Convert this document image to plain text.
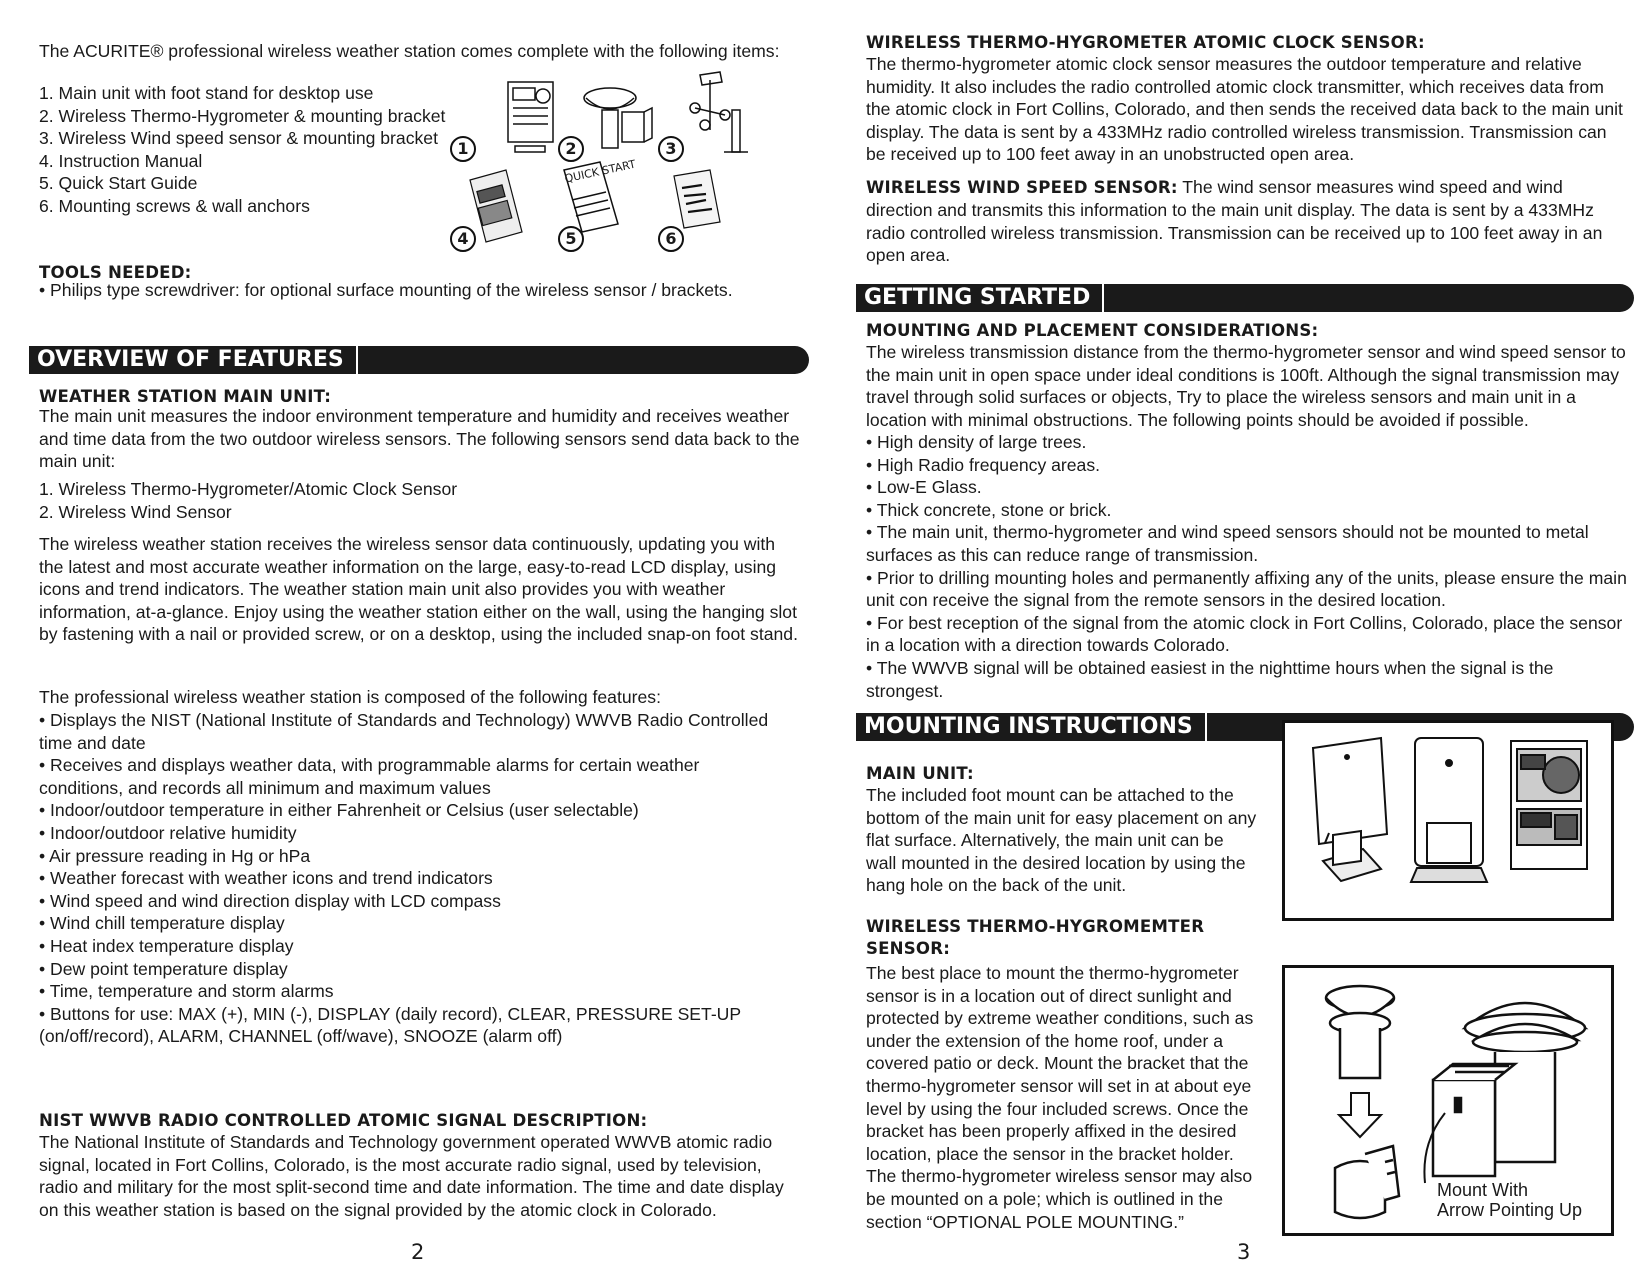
The ACURITE® professional wireless weather station comes complete with the following items:

1. Main unit with foot stand for desktop use
2. Wireless Thermo-Hygrometer & mounting bracket
3. Wireless Wind speed sensor & mounting bracket
4. Instruction Manual
5. Quick Start Guide
6. Mounting screws & wall anchors
QUICK START
1	2	3
4	5	6

TOOLS NEEDED:

• Philips type screwdriver: for optional surface mounting of the wireless sensor / brackets.

OVERVIEW OF FEATURES

WEATHER STATION MAIN UNIT:

The main unit measures the indoor environment temperature and humidity and receives weather and time data from the two outdoor wireless sensors. The following sensors send data back to the main unit:

1. Wireless Thermo-Hygrometer/Atomic Clock Sensor
2. Wireless Wind Sensor

The wireless weather station receives the wireless sensor data continuously, updating you with the latest and most accurate weather information on the large, easy-to-read LCD display, using icons and trend indicators. The weather station main unit also provides you with weather information, at-a-glance. Enjoy using the weather station either on the wall, using the hanging slot by fastening with a nail or provided screw, or on a desktop, using the included snap-on foot stand.

The professional wireless weather station is composed of the following features:

• Displays the NIST (National Institute of Standards and Technology) WWVB Radio Controlled time and date
• Receives and displays weather data, with programmable alarms for certain weather conditions, and records all minimum and maximum values
• Indoor/outdoor temperature in either Fahrenheit or Celsius (user selectable)
• Indoor/outdoor relative humidity
• Air pressure reading in Hg or hPa
• Weather forecast with weather icons and trend indicators
• Wind speed and wind direction display with LCD compass
• Wind chill temperature display
• Heat index temperature display
• Dew point temperature display
• Time, temperature and storm alarms
• Buttons for use: MAX (+), MIN (-), DISPLAY (daily record), CLEAR, PRESSURE SET-UP (on/off/record), ALARM, CHANNEL (off/wave), SNOOZE (alarm off)

NIST WWVB RADIO CONTROLLED ATOMIC SIGNAL DESCRIPTION:

The National Institute of Standards and Technology government operated WWVB atomic radio signal, located in Fort Collins, Colorado, is the most accurate radio signal, used by television, radio and military for the most split-second time and date information. The time and date display on this weather station is based on the signal provided by the atomic clock in Colorado.

2

WIRELESS THERMO-HYGROMETER ATOMIC CLOCK SENSOR:

The thermo-hygrometer atomic clock sensor measures the outdoor temperature and relative humidity. It also includes the radio controlled atomic clock transmitter, which receives data from the atomic clock in Fort Collins, Colorado, and then sends the received data back to the main unit display. The data is sent by a 433MHz radio controlled wireless transmission. Transmission can be received up to 100 feet away in an unobstructed open area.

WIRELESS WIND SPEED SENSOR: The wind sensor measures wind speed and wind direction and transmits this information to the main unit display. The data is sent by a 433MHz radio controlled wireless transmission. Transmission can be received up to 100 feet away in an open area.

GETTING STARTED

MOUNTING AND PLACEMENT CONSIDERATIONS:

The wireless transmission distance from the thermo-hygrometer sensor and wind speed sensor to the main unit in open space under ideal conditions is 100ft. Although the signal transmission may travel through solid surfaces or objects, Try to place the wireless sensors and main unit in a location with minimal obstructions. The following points should be avoided if possible.

• High density of large trees.
• High Radio frequency areas.
• Low-E Glass.
• Thick concrete, stone or brick.
• The main unit, thermo-hygrometer and wind speed sensors should not be mounted to metal surfaces as this can reduce range of transmission.
• Prior to drilling mounting holes and permanently affixing any of the units, please ensure the main unit con receive the signal from the remote sensors in the desired location.
• For best reception of the signal from the atomic clock in Fort Collins, Colorado, place the sensor in a location with a direction towards Colorado.
• The WWVB signal will be obtained easiest in the nighttime hours when the signal is the strongest.
MOUNTING INSTRUCTIONS

MAIN UNIT:

The included foot mount can be attached to the bottom of the main unit for easy placement on any flat surface. Alternatively, the main unit can be wall mounted in the desired location by using the hang hole on the back of the unit.

WIRELESS THERMO-HYGROMEMTER SENSOR:

The best place to mount the thermo-hygrometer sensor is in a location out of direct sunlight and protected by extreme weather conditions, such as under the extension of the home roof, under a covered patio or deck. Mount the bracket that the thermo-hygrometer sensor will set in at about eye level by using the four included screws. Once the bracket has been properly affixed in the desired location, place the sensor in the bracket holder. The thermo-hygrometer wireless sensor may also be mounted on a pole; which is outlined in the section “OPTIONAL POLE MOUNTING.”

Mount With
Arrow Pointing Up
3
